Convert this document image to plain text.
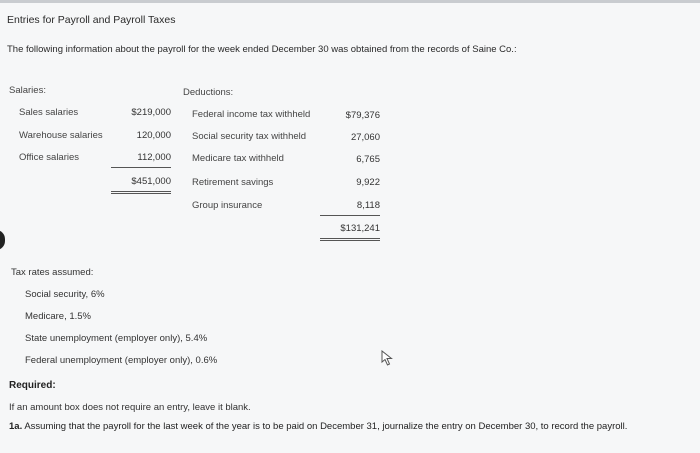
Entries for Payroll and Payroll Taxes
The following information about the payroll for the week ended December 30 was obtained from the records of Saine Co.:
Salaries:
Sales salaries	$219,000
Warehouse salaries	120,000
Office salaries	112,000
$451,000
Deductions:
Federal income tax withheld	$79,376
Social security tax withheld	27,060
Medicare tax withheld	6,765
Retirement savings	9,922
Group insurance	8,118
$131,241
Tax rates assumed:
Social security, 6%
Medicare, 1.5%
State unemployment (employer only), 5.4%
Federal unemployment (employer only), 0.6%
Required:
If an amount box does not require an entry, leave it blank.
1a. Assuming that the payroll for the last week of the year is to be paid on December 31, journalize the entry on December 30, to record the payroll.
